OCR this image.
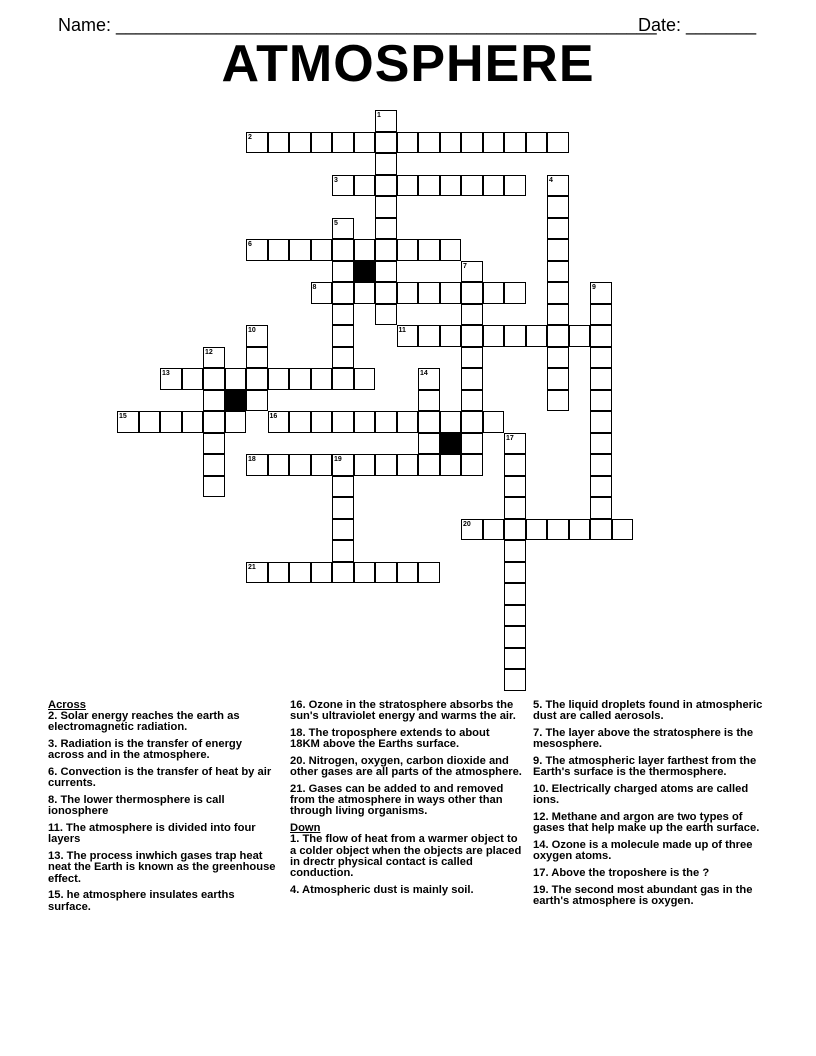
Name: ______________________________________________________

Date: _______

ATMOSPHERE
1
2
3	4
5
6
7
8	9
10	11
12
13	14
15	16
17
18	19
20
21
Across
2. Solar energy reaches the earth as electromagnetic radiation.
3. Radiation is the transfer of energy across and in the atmosphere.
6. Convection is the transfer of heat by air currents.
8. The lower thermosphere is call ionosphere
11. The atmosphere is divided into four layers
13. The process inwhich gases trap heat neat the Earth is known as the greenhouse effect.
15. he atmosphere insulates earths surface.
16. Ozone in the stratosphere absorbs the sun's ultraviolet energy and warms the air.
18. The troposphere extends to about 18KM above the Earths surface.
20. Nitrogen, oxygen, carbon dioxide and other gases are all parts of the atmosphere.
21. Gases can be added to and removed from the atmosphere in ways other than through living organisms.
Down
1. The flow of heat from a warmer object to a colder object when the objects are placed in drectr physical contact is called conduction.
4. Atmospheric dust is mainly soil.
5. The liquid droplets found in atmospheric dust are called aerosols.
7. The layer above the stratosphere is the mesosphere.
9. The atmospheric layer farthest from the Earth's surface is the thermosphere.
10. Electrically charged atoms are called ions.
12. Methane and argon are two types of gases that help make up the earth surface.
14. Ozone is a molecule made up of three oxygen atoms.
17. Above the troposhere is the ?
19. The second most abundant gas in the earth's atmosphere is oxygen.
